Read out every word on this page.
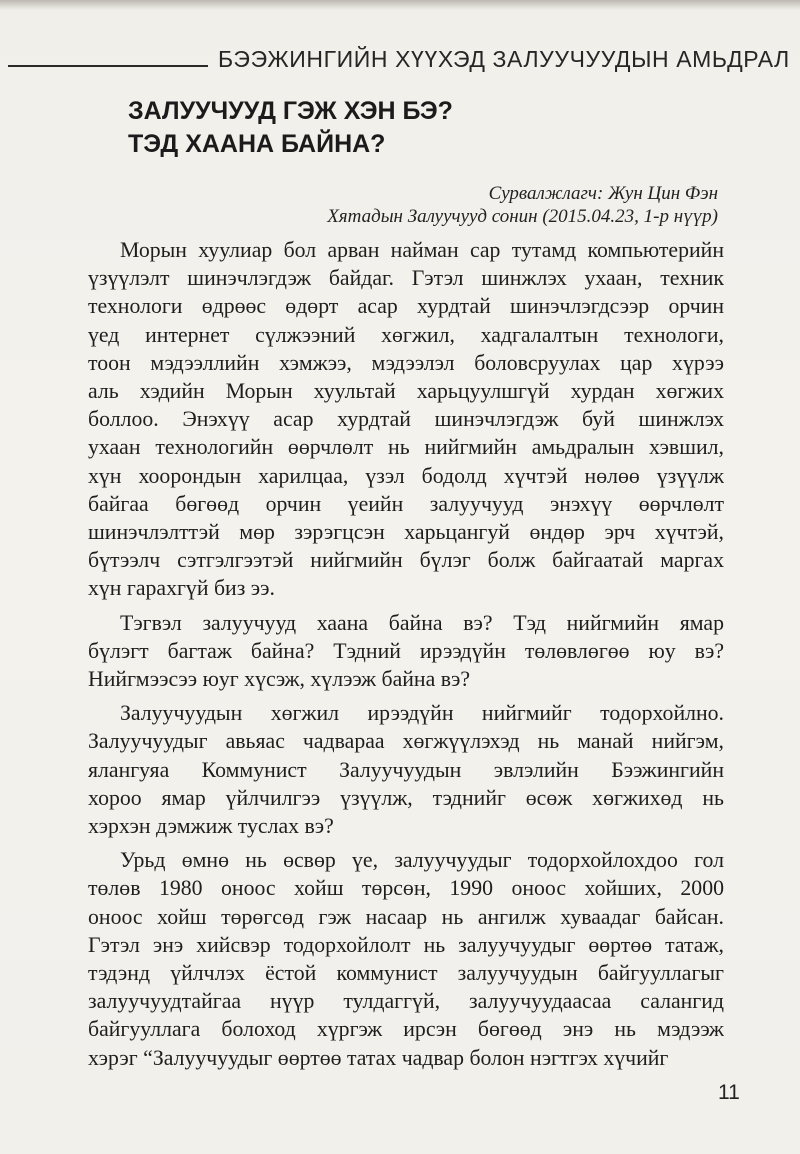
БЭЭЖИНГИЙН ХҮҮХЭД ЗАЛУУЧУУДЫН АМЬДРАЛ
ЗАЛУУЧУУД ГЭЖ ХЭН БЭ?
ТЭД ХААНА БАЙНА?
Сурвалжлагч: Жун Цин Фэн
Хятадын Залуучууд сонин (2015.04.23, 1-р нүүр)
Морын хуулиар бол арван найман сар тутамд компьютерийн
үзүүлэлт шинэчлэгдэж байдаг. Гэтэл шинжлэх ухаан, техник
технологи өдрөөс өдөрт асар хурдтай шинэчлэгдсээр орчин
үед интернет сүлжээний хөгжил, хадгалалтын технологи,
тоон мэдээллийн хэмжээ, мэдээлэл боловсруулах цар хүрээ
аль хэдийн Морын хуультай харьцуулшгүй хурдан хөгжих
боллоо. Энэхүү асар хурдтай шинэчлэгдэж буй шинжлэх
ухаан технологийн өөрчлөлт нь нийгмийн амьдралын хэвшил,
хүн хоорондын харилцаа, үзэл бодолд хүчтэй нөлөө үзүүлж
байгаа бөгөөд орчин үеийн залуучууд энэхүү өөрчлөлт
шинэчлэлттэй мөр зэрэгцсэн харьцангуй өндөр эрч хүчтэй,
бүтээлч сэтгэлгээтэй нийгмийн бүлэг болж байгаатай маргах
хүн гарахгүй биз ээ.
Тэгвэл залуучууд хаана байна вэ? Тэд нийгмийн ямар
бүлэгт багтаж байна? Тэдний ирээдүйн төлөвлөгөө юу вэ?
Нийгмээсээ юуг хүсэж, хүлээж байна вэ?
Залуучуудын хөгжил ирээдүйн нийгмийг тодорхойлно.
Залуучуудыг авьяас чадвараа хөгжүүлэхэд нь манай нийгэм,
ялангуяа Коммунист Залуучуудын эвлэлийн Бээжингийн
хороо ямар үйлчилгээ үзүүлж, тэднийг өсөж хөгжихөд нь
хэрхэн дэмжиж туслах вэ?
Урьд өмнө нь өсвөр үе, залуучуудыг тодорхойлохдоо гол
төлөв 1980 оноос хойш төрсөн, 1990 оноос хойших, 2000
оноос хойш төрөгсөд гэж насаар нь ангилж хуваадаг байсан.
Гэтэл энэ хийсвэр тодорхойлолт нь залуучуудыг өөртөө татаж,
тэдэнд үйлчлэх ёстой коммунист залуучуудын байгууллагыг
залуучуудтайгаа нүүр тулдаггүй, залуучуудаасаа салангид
байгууллага болоход хүргэж ирсэн бөгөөд энэ нь мэдээж
хэрэг “Залуучуудыг өөртөө татах чадвар болон нэгтгэх хүчийг
11
